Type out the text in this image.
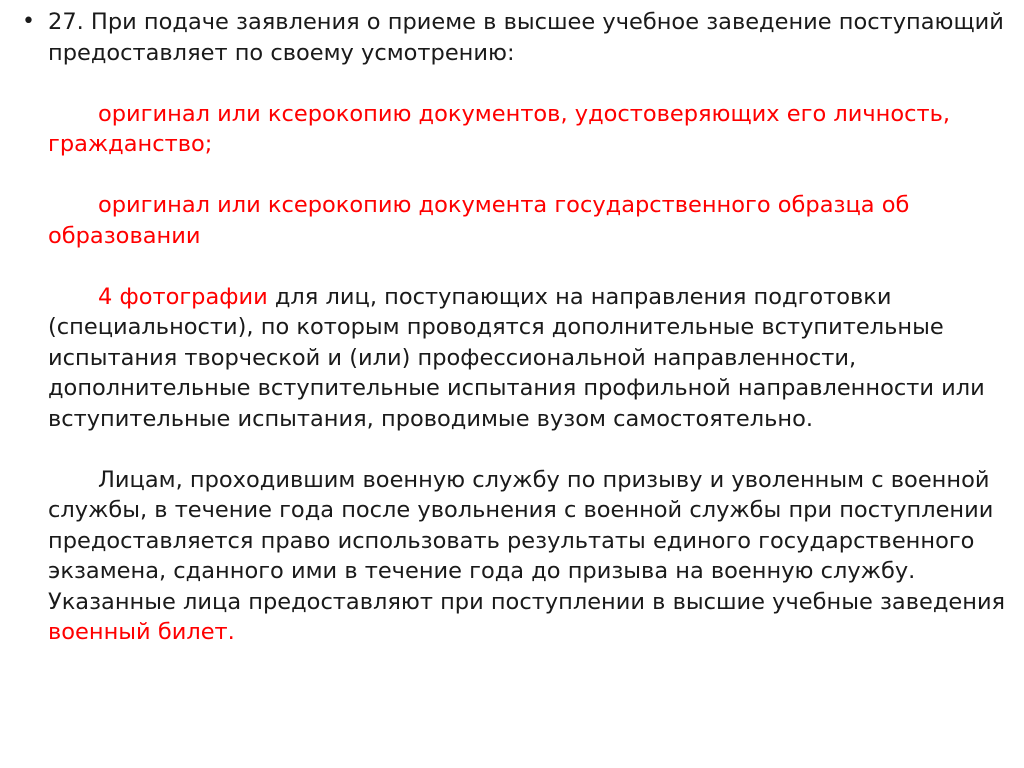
• 27. При подаче заявления о приеме в высшее учебное заведение поступающий предоставляет по своему усмотрению:

оригинал или ксерокопию документов, удостоверяющих его личность, гражданство;

оригинал или ксерокопию документа государственного образца об образовании

4 фотографии для лиц, поступающих на направления подготовки (специальности), по которым проводятся дополнительные вступительные испытания творческой и (или) профессиональной направленности, дополнительные вступительные испытания профильной направленности или вступительные испытания, проводимые вузом самостоятельно.

Лицам, проходившим военную службу по призыву и уволенным с военной службы, в течение года после увольнения с военной службы при поступлении предоставляется право использовать результаты единого государственного экзамена, сданного ими в течение года до призыва на военную службу. Указанные лица предоставляют при поступлении в высшие учебные заведения военный билет.
